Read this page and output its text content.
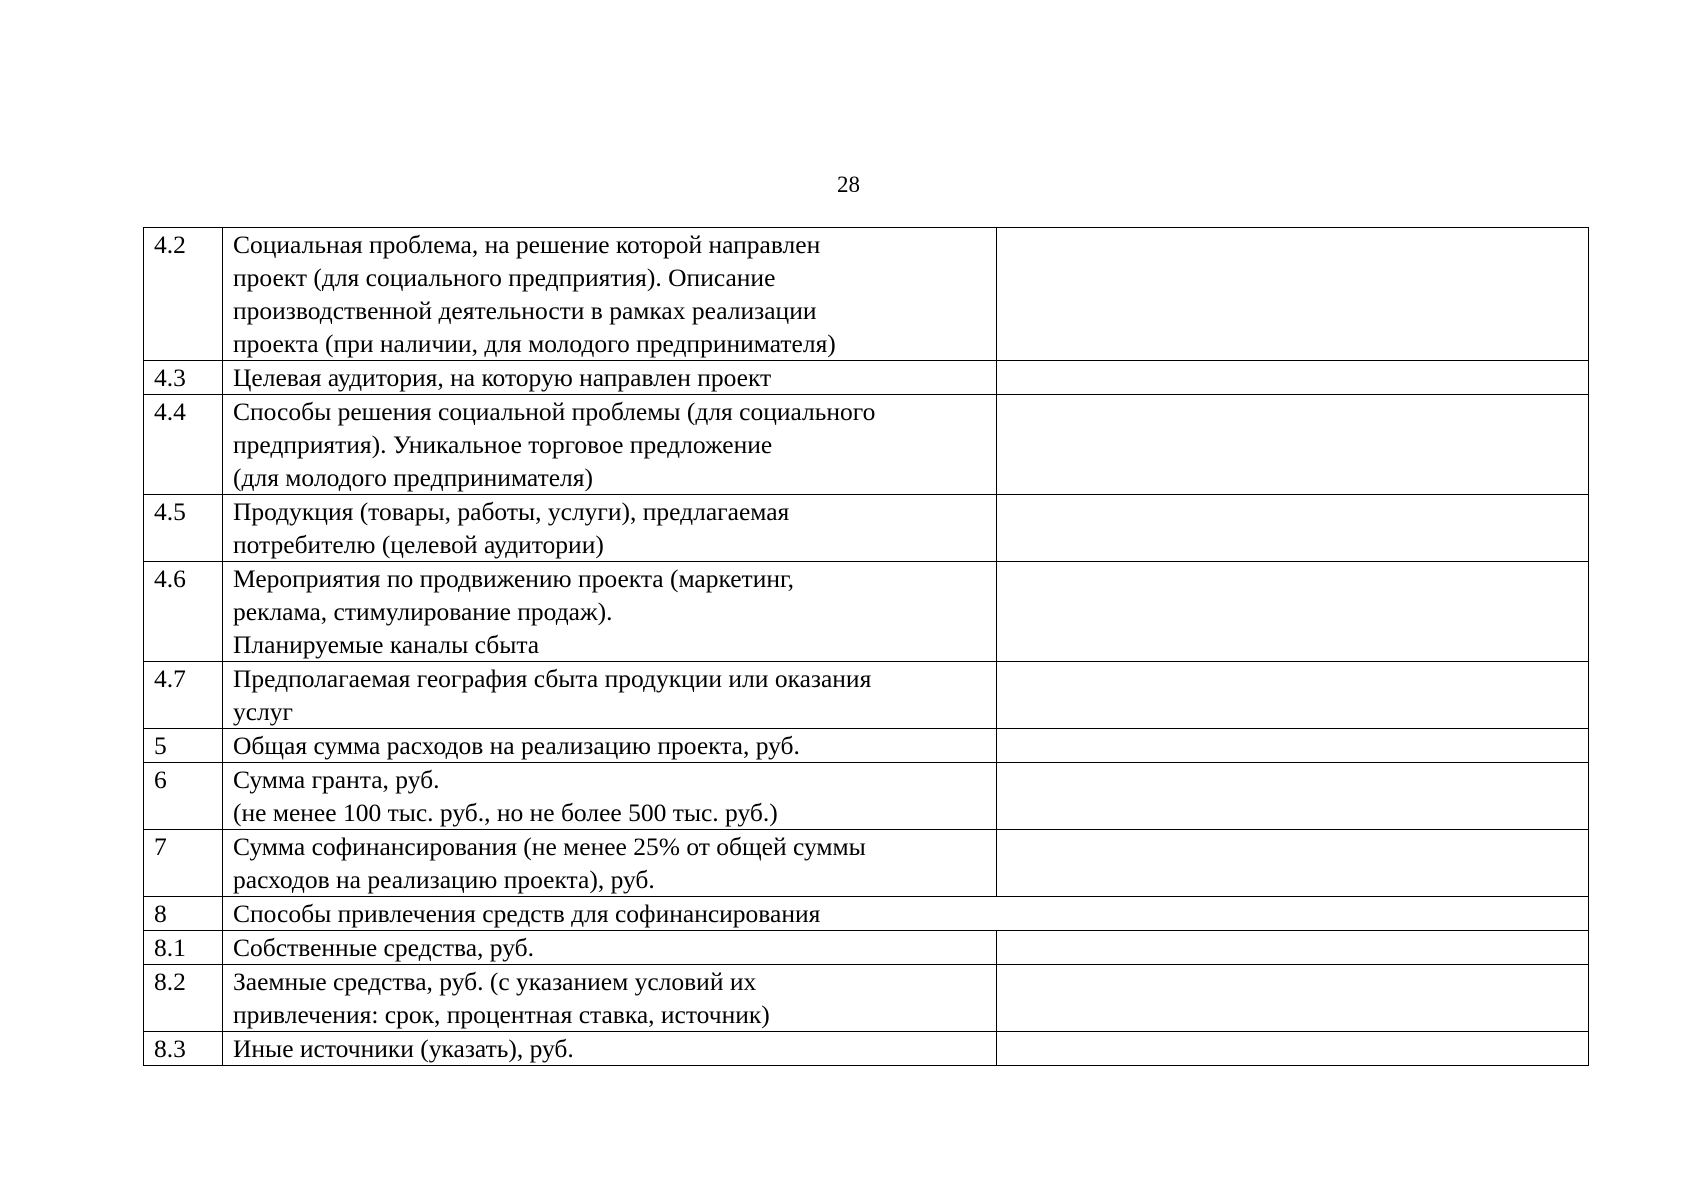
28
4.2	Социальная проблема, на решение которой направлен
проект (для социального предприятия). Описание
производственной деятельности в рамках реализации
проекта (при наличии, для молодого предпринимателя)	

4.3	Целевая аудитория, на которую направлен проект	

4.4	Способы решения социальной проблемы (для социального
предприятия). Уникальное торговое предложение
(для молодого предпринимателя)	

4.5	Продукция (товары, работы, услуги), предлагаемая
потребителю (целевой аудитории)	

4.6	Мероприятия по продвижению проекта (маркетинг,
реклама, стимулирование продаж).
Планируемые каналы сбыта	

4.7	Предполагаемая география сбыта продукции или оказания
услуг	

5	Общая сумма расходов на реализацию проекта, руб.	

6	Сумма гранта, руб.
(не менее 100 тыс. руб., но не более 500 тыс. руб.)	

7	Сумма софинансирования (не менее 25% от общей суммы
расходов на реализацию проекта), руб.	

8	Способы привлечения средств для софинансирования	

8.1	Собственные средства, руб.	

8.2	Заемные средства, руб. (с указанием условий их
привлечения: срок, процентная ставка, источник)	

8.3	Иные источники (указать), руб.	
